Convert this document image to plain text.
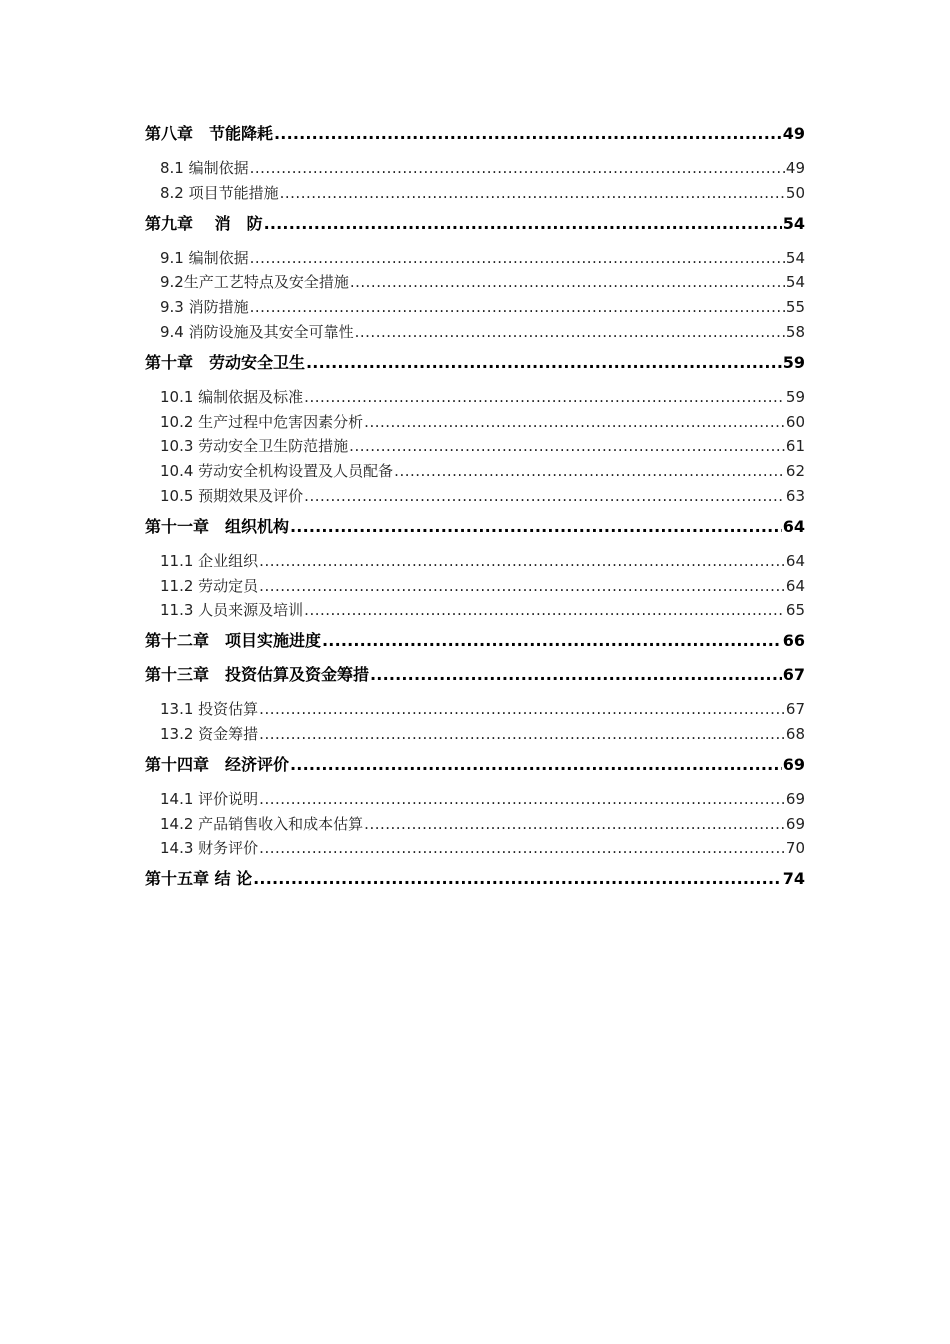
第八章　节能降耗 .....	49
8.1 编制依据 .....	49
8.2 项目节能措施 .....	50
第九章　 消　防 .....	54
9.1 编制依据 .....	54
9.2生产工艺特点及安全措施 .....	54
9.3 消防措施 .....	55
9.4 消防设施及其安全可靠性 .....	58
第十章　劳动安全卫生 .....	59
10.1 编制依据及标准 .....	59
10.2 生产过程中危害因素分析 .....	60
10.3 劳动安全卫生防范措施 .....	61
10.4 劳动安全机构设置及人员配备 .....	62
10.5 预期效果及评价 .....	63
第十一章　组织机构 .....	64
11.1 企业组织 .....	64
11.2 劳动定员 .....	64
11.3 人员来源及培训 .....	65
第十二章　项目实施进度 .....	66
第十三章　投资估算及资金筹措 .....	67
13.1 投资估算 .....	67
13.2 资金筹措 .....	68
第十四章　经济评价 .....	69
14.1 评价说明 .....	69
14.2 产品销售收入和成本估算 .....	69
14.3 财务评价 .....	70
第十五章 结 论 .....	74
